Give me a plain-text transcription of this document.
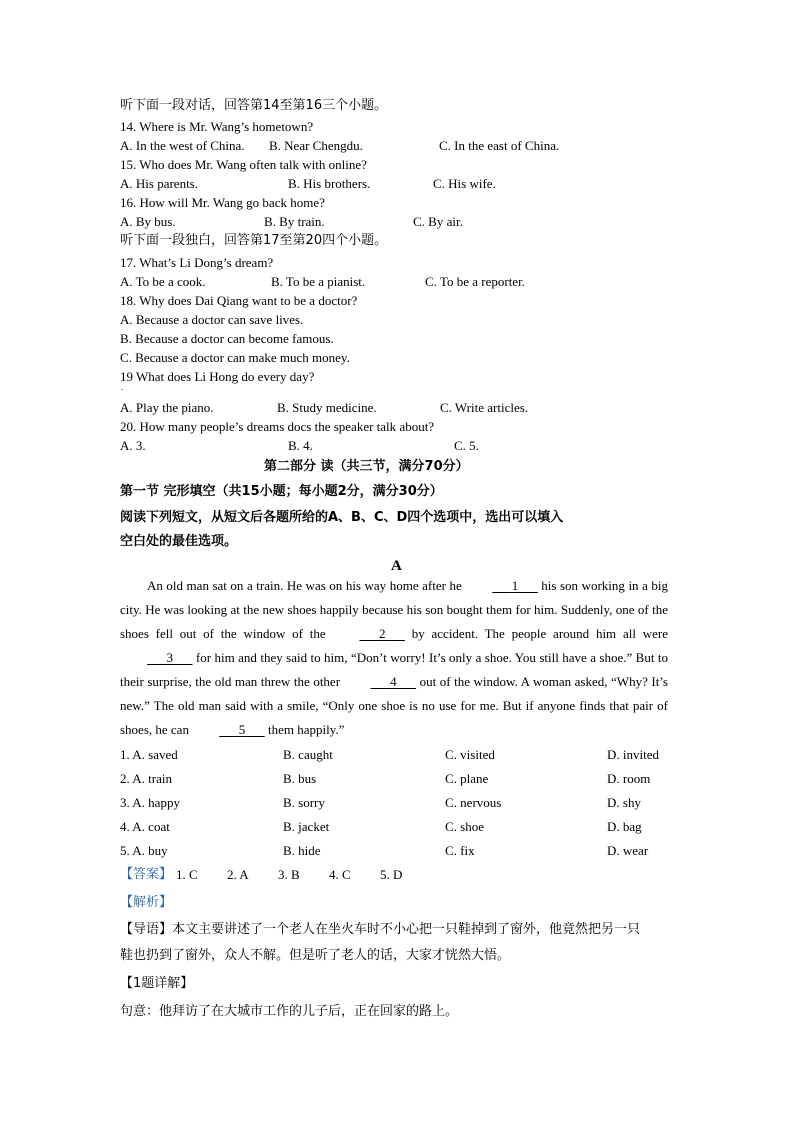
听下面一段对话，回答第14至第16三个小题。
14. Where is Mr. Wang’s hometown?
A. In the west of China. B. Near Chengdu.	C. In the east of China.
15. Who does Mr. Wang often talk with online?
A. His parents.	B. His brothers.	C. His wife.
16. How will Mr. Wang go back home?
A. By bus.	B. By train.	C. By air.
听下面一段独白，回答第17至第20四个小题。
17. What’s Li Dong’s dream?
A. To be a cook.	B. To be a pianist.	C. To be a reporter.
18. Why does Dai Qiang want to be a doctor?
A. Because a doctor can save lives.
B. Because a doctor can become famous.
C. Because a doctor can make much money.
19 What does Li Hong do every day?
.
A. Play the piano.	B. Study medicine.	C. Write articles.
20. How many people’s dreams docs the speaker talk about?
A. 3.	B. 4.	C. 5.
第二部分 读（共三节，满分70分）
第一节 完形填空（共15小题；每小题2分，满分30分）
阅读下列短文，从短文后各题所给的A、B、C、D四个选项中，选出可以填入
空白处的最佳选项。
A
An old man sat on a train. He was on his way home after he	1       his son working in a big city. He was looking at the new shoes happily because his son bought them for him. Suddenly, one of the shoes fell out of the window of the	2       by accident. The people around him all were       3       for him and they said to him, “Don’t worry! It’s only a shoe. You still have a shoe.” But to their surprise, the old man threw the other	4       out of the window. A woman asked, “Why? It’s new.” The old man said with a smile, “Only one shoe is no use for me. But if anyone finds that pair of shoes, he can	5       them happily.”
1. A. saved	B. caught	C. visited	D. invited
2. A. train	B. bus	C. plane	D. room
3. A. happy	B. sorry	C. nervous	D. shy
4. A. coat	B. jacket	C. shoe	D. bag
5. A. buy	B. hide	C. fix	D. wear
【答案】 1. C 2. A 3. B 4. C 5. D
【解析】
【导语】本文主要讲述了一个老人在坐火车时不小心把一只鞋掉到了窗外，他竟然把另一只
鞋也扔到了窗外，众人不解。但是听了老人的话，大家才恍然大悟。
【1题详解】
句意：他拜访了在大城市工作的儿子后，正在回家的路上。
